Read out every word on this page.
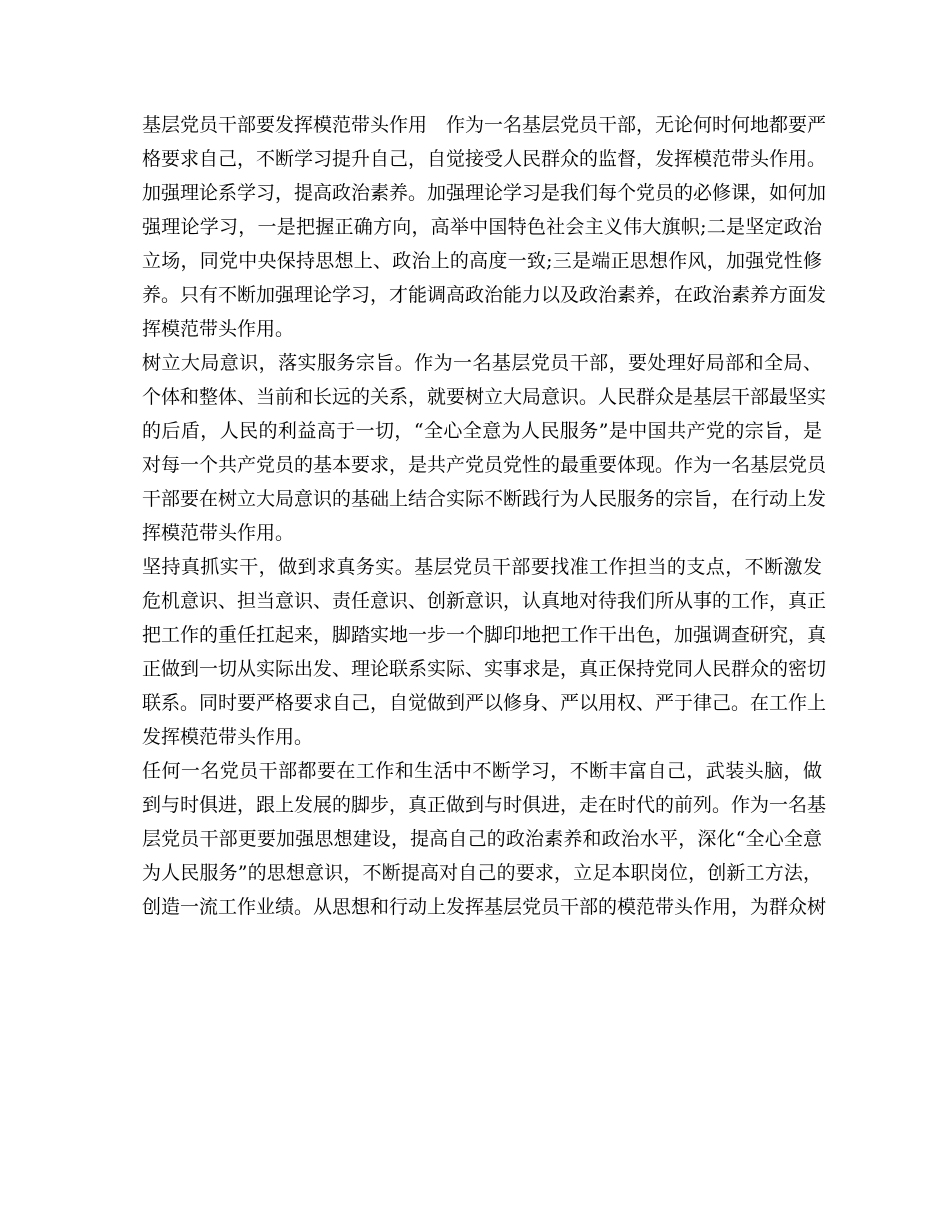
基层党员干部要发挥模范带头作用　作为一名基层党员干部，无论何时何地都要严
格要求自己，不断学习提升自己，自觉接受人民群众的监督，发挥模范带头作用。
加强理论系学习，提高政治素养。加强理论学习是我们每个党员的必修课，如何加
强理论学习，一是把握正确方向，高举中国特色社会主义伟大旗帜;二是坚定政治
立场，同党中央保持思想上、政治上的高度一致;三是端正思想作风，加强党性修
养。只有不断加强理论学习，才能调高政治能力以及政治素养，在政治素养方面发
挥模范带头作用。
树立大局意识，落实服务宗旨。作为一名基层党员干部，要处理好局部和全局、
个体和整体、当前和长远的关系，就要树立大局意识。人民群众是基层干部最坚实
的后盾，人民的利益高于一切，“全心全意为人民服务”是中国共产党的宗旨，是
对每一个共产党员的基本要求，是共产党员党性的最重要体现。作为一名基层党员
干部要在树立大局意识的基础上结合实际不断践行为人民服务的宗旨，在行动上发
挥模范带头作用。
坚持真抓实干，做到求真务实。基层党员干部要找准工作担当的支点，不断激发
危机意识、担当意识、责任意识、创新意识，认真地对待我们所从事的工作，真正
把工作的重任扛起来，脚踏实地一步一个脚印地把工作干出色，加强调查研究，真
正做到一切从实际出发、理论联系实际、实事求是，真正保持党同人民群众的密切
联系。同时要严格要求自己，自觉做到严以修身、严以用权、严于律己。在工作上
发挥模范带头作用。
任何一名党员干部都要在工作和生活中不断学习，不断丰富自己，武装头脑，做
到与时俱进，跟上发展的脚步，真正做到与时俱进，走在时代的前列。作为一名基
层党员干部更要加强思想建设，提高自己的政治素养和政治水平，深化“全心全意
为人民服务”的思想意识，不断提高对自己的要求，立足本职岗位，创新工方法，
创造一流工作业绩。从思想和行动上发挥基层党员干部的模范带头作用，为群众树
